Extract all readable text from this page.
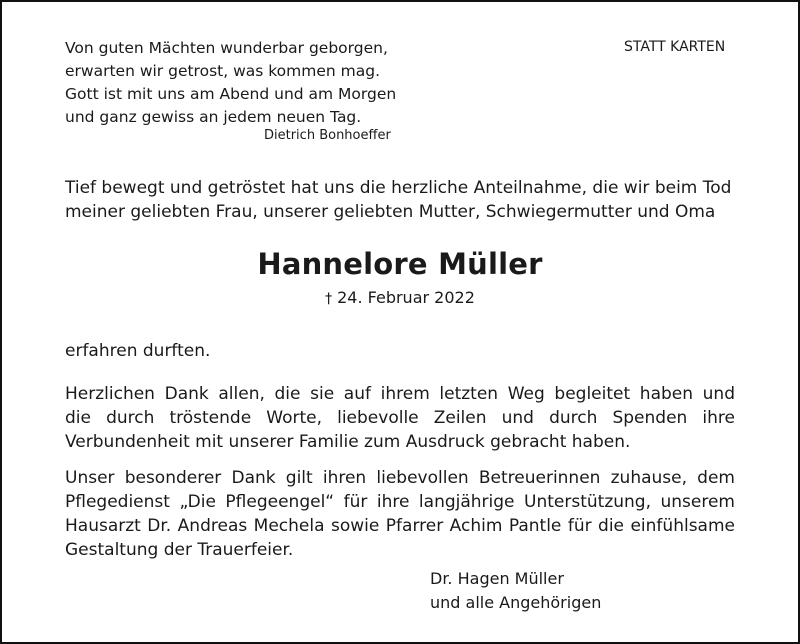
Von guten Mächten wunderbar geborgen,
erwarten wir getrost, was kommen mag.
Gott ist mit uns am Abend und am Morgen
und ganz gewiss an jedem neuen Tag.
Dietrich Bonhoeffer
STATT KARTEN
Tief bewegt und getröstet hat uns die herzliche Anteilnahme, die wir beim Tod
meiner geliebten Frau, unserer geliebten Mutter, Schwiegermutter und Oma
Hannelore Müller
† 24. Februar 2022
erfahren durften.
Herzlichen Dank allen, die sie auf ihrem letzten Weg begleitet haben und
die durch tröstende Worte, liebevolle Zeilen und durch Spenden ihre
Verbundenheit mit unserer Familie zum Ausdruck gebracht haben.
Unser besonderer Dank gilt ihren liebevollen Betreuerinnen zuhause, dem
Pflegedienst „Die Pflegeengel“ für ihre langjährige Unterstützung, unserem
Hausarzt Dr. Andreas Mechela sowie Pfarrer Achim Pantle für die einfühlsame
Gestaltung der Trauerfeier.
Dr. Hagen Müller
und alle Angehörigen
